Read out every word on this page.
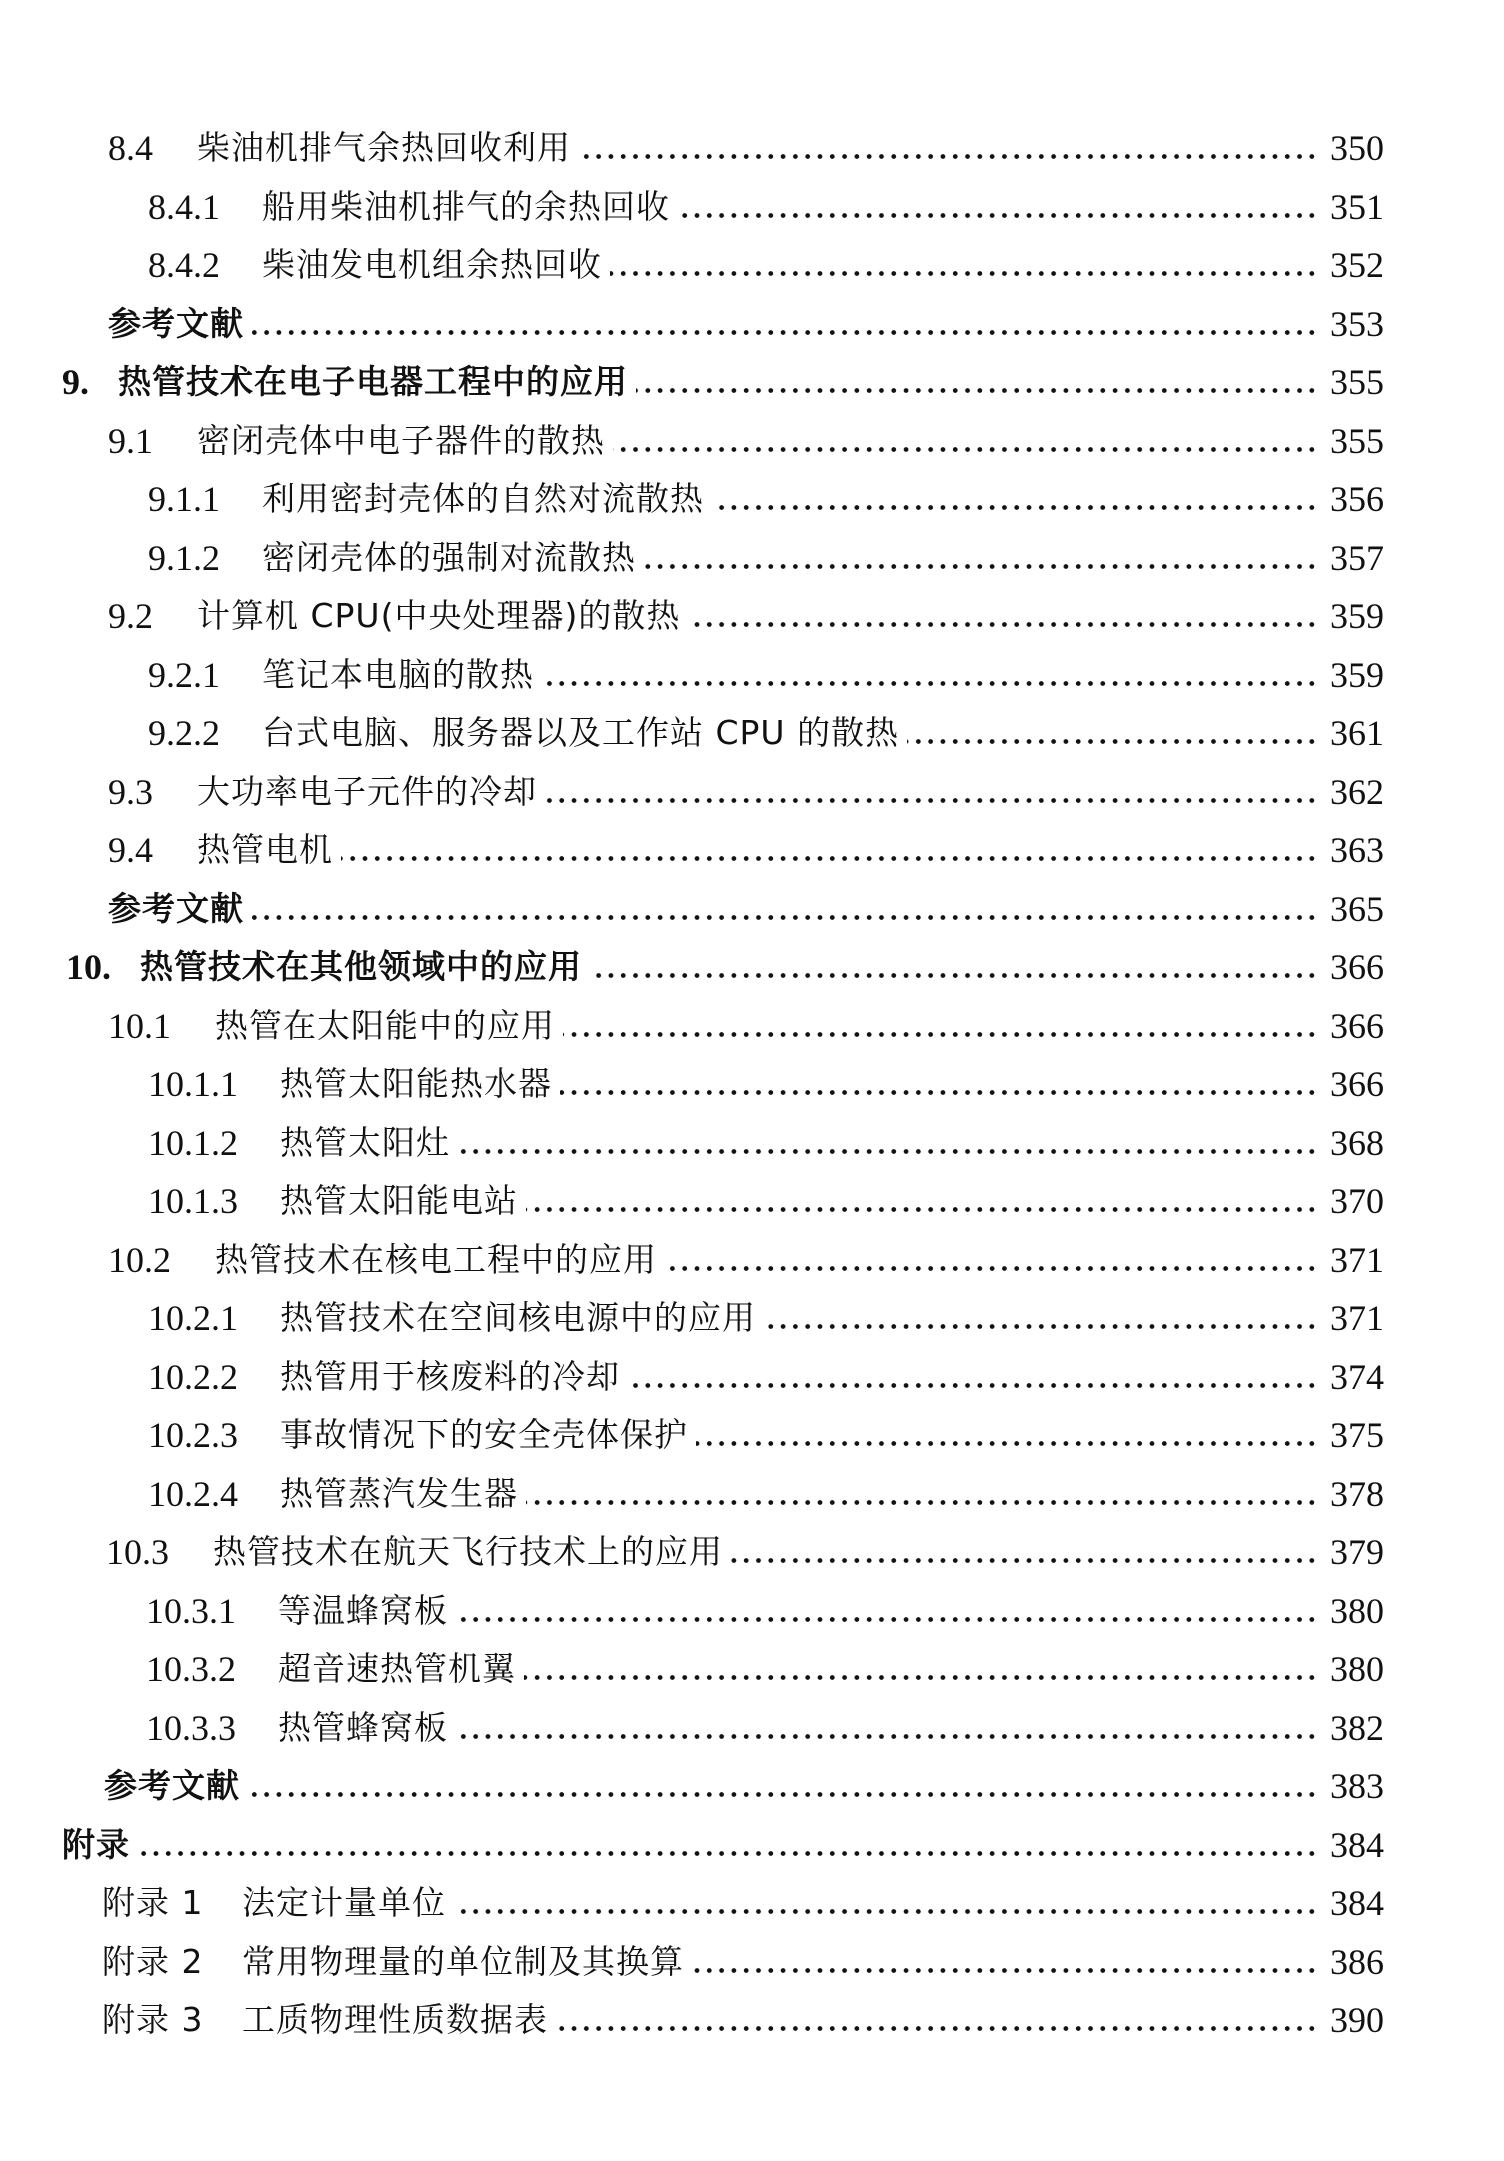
8.4 柴油机排气余热回收利用	350
8.4.1 船用柴油机排气的余热回收	351
8.4.2 柴油发电机组余热回收	352
参考文献	353
9. 热管技术在电子电器工程中的应用	355
9.1 密闭壳体中电子器件的散热	355
9.1.1 利用密封壳体的自然对流散热	356
9.1.2 密闭壳体的强制对流散热	357
9.2 计算机 CPU(中央处理器)的散热	359
9.2.1 笔记本电脑的散热	359
9.2.2 台式电脑、服务器以及工作站 CPU 的散热	361
9.3 大功率电子元件的冷却	362
9.4 热管电机	363
参考文献	365
10. 热管技术在其他领域中的应用	366
10.1 热管在太阳能中的应用	366
10.1.1 热管太阳能热水器	366
10.1.2 热管太阳灶	368
10.1.3 热管太阳能电站	370
10.2 热管技术在核电工程中的应用	371
10.2.1 热管技术在空间核电源中的应用	371
10.2.2 热管用于核废料的冷却	374
10.2.3 事故情况下的安全壳体保护	375
10.2.4 热管蒸汽发生器	378
10.3 热管技术在航天飞行技术上的应用	379
10.3.1 等温蜂窝板	380
10.3.2 超音速热管机翼	380
10.3.3 热管蜂窝板	382
参考文献	383
附录	384
附录 1 法定计量单位	384
附录 2 常用物理量的单位制及其换算	386
附录 3 工质物理性质数据表	390
